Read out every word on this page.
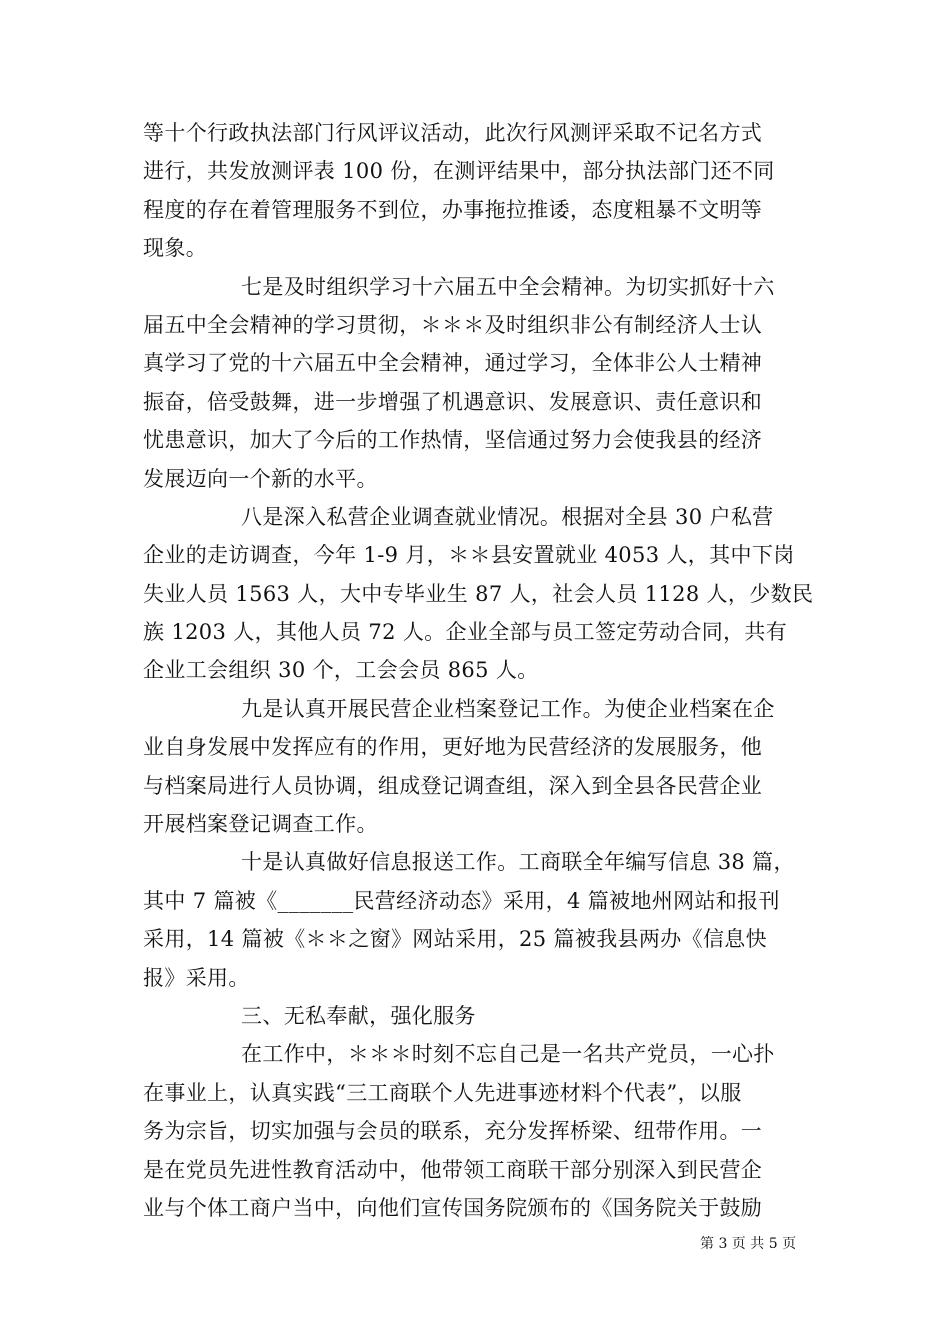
等十个行政执法部门行风评议活动，此次行风测评采取不记名方式
进行，共发放测评表 100 份，在测评结果中，部分执法部门还不同
程度的存在着管理服务不到位，办事拖拉推诿，态度粗暴不文明等
现象。
七是及时组织学习十六届五中全会精神。为切实抓好十六
届五中全会精神的学习贯彻，＊＊＊及时组织非公有制经济人士认
真学习了党的十六届五中全会精神，通过学习，全体非公人士精神
振奋，倍受鼓舞，进一步增强了机遇意识、发展意识、责任意识和
忧患意识，加大了今后的工作热情，坚信通过努力会使我县的经济
发展迈向一个新的水平。
八是深入私营企业调查就业情况。根据对全县 30 户私营
企业的走访调查，今年 1-9 月，＊＊县安置就业 4053 人，其中下岗
失业人员 1563 人，大中专毕业生 87 人，社会人员 1128 人，少数民
族 1203 人，其他人员 72 人。企业全部与员工签定劳动合同，共有
企业工会组织 30 个，工会会员 865 人。
九是认真开展民营企业档案登记工作。为使企业档案在企
业自身发展中发挥应有的作用，更好地为民营经济的发展服务，他
与档案局进行人员协调，组成登记调查组，深入到全县各民营企业
开展档案登记调查工作。
十是认真做好信息报送工作。工商联全年编写信息 38 篇，
其中 7 篇被《_______民营经济动态》采用，4 篇被地州网站和报刊
采用，14 篇被《＊＊之窗》网站采用，25 篇被我县两办《信息快
报》采用。
三、无私奉献，强化服务
在工作中，＊＊＊时刻不忘自己是一名共产党员，一心扑
在事业上，认真实践“三工商联个人先进事迹材料个代表”，以服
务为宗旨，切实加强与会员的联系，充分发挥桥梁、纽带作用。一
是在党员先进性教育活动中，他带领工商联干部分别深入到民营企
业与个体工商户当中，向他们宣传国务院颁布的《国务院关于鼓励
第 3 页 共 5 页
